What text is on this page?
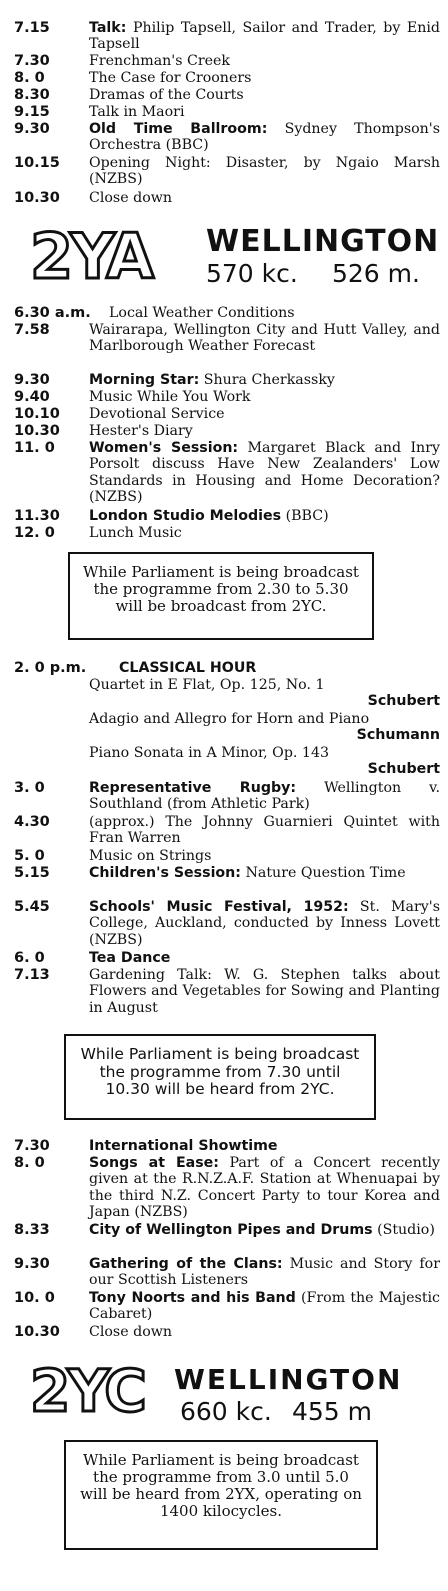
7.15	Talk: Philip Tapsell, Sailor and Trader, by Enid Tapsell
7.30	Frenchman's Creek
8. 0	The Case for Crooners
8.30	Dramas of the Courts
9.15	Talk in Maori
9.30	Old Time Ballroom: Sydney Thompson's Orchestra (BBC)
10.15	Opening Night: Disaster, by Ngaio Marsh (NZBS)
10.30	Close down
2YA WELLINGTON
570 kc. 526 m.
6.30 a.m.	Local Weather Conditions
7.58	Wairarapa, Wellington City and Hutt Valley, and Marlborough Weather Forecast
9.30	Morning Star: Shura Cherkassky
9.40	Music While You Work
10.10	Devotional Service
10.30	Hester's Diary
11. 0	Women's Session: Margaret Black and Inry Porsolt discuss Have New Zealanders' Low Standards in Housing and Home Decoration? (NZBS)
11.30	London Studio Melodies (BBC)
12. 0	Lunch Music
While Parliament is being broadcast the programme from 2.30 to 5.30 will be broadcast from 2YC.
2. 0 p.m.	CLASSICAL HOUR
Quartet in E Flat, Op. 125, No. 1
Schubert
Adagio and Allegro for Horn and Piano
Schumann
Piano Sonata in A Minor, Op. 143
Schubert
3. 0	Representative Rugby: Wellington v. Southland (from Athletic Park)
4.30	(approx.) The Johnny Guarnieri Quintet with Fran Warren
5. 0	Music on Strings
5.15	Children's Session: Nature Question Time
5.45	Schools' Music Festival, 1952: St. Mary's College, Auckland, conducted by Inness Lovett (NZBS)
6. 0	Tea Dance
7.13	Gardening Talk: W. G. Stephen talks about Flowers and Vegetables for Sowing and Planting in August
While Parliament is being broadcast the programme from 7.30 until 10.30 will be heard from 2YC.
7.30	International Showtime
8. 0	Songs at Ease: Part of a Concert recently given at the R.N.Z.A.F. Station at Whenuapai by the third N.Z. Concert Party to tour Korea and Japan (NZBS)
8.33	City of Wellington Pipes and Drums (Studio)
9.30	Gathering of the Clans: Music and Story for our Scottish Listeners
10. 0	Tony Noorts and his Band (From the Majestic Cabaret)
10.30	Close down
2YC WELLINGTON
660 kc. 455 m
While Parliament is being broadcast the programme from 3.0 until 5.0 will be heard from 2YX, operating on 1400 kilocycles.
